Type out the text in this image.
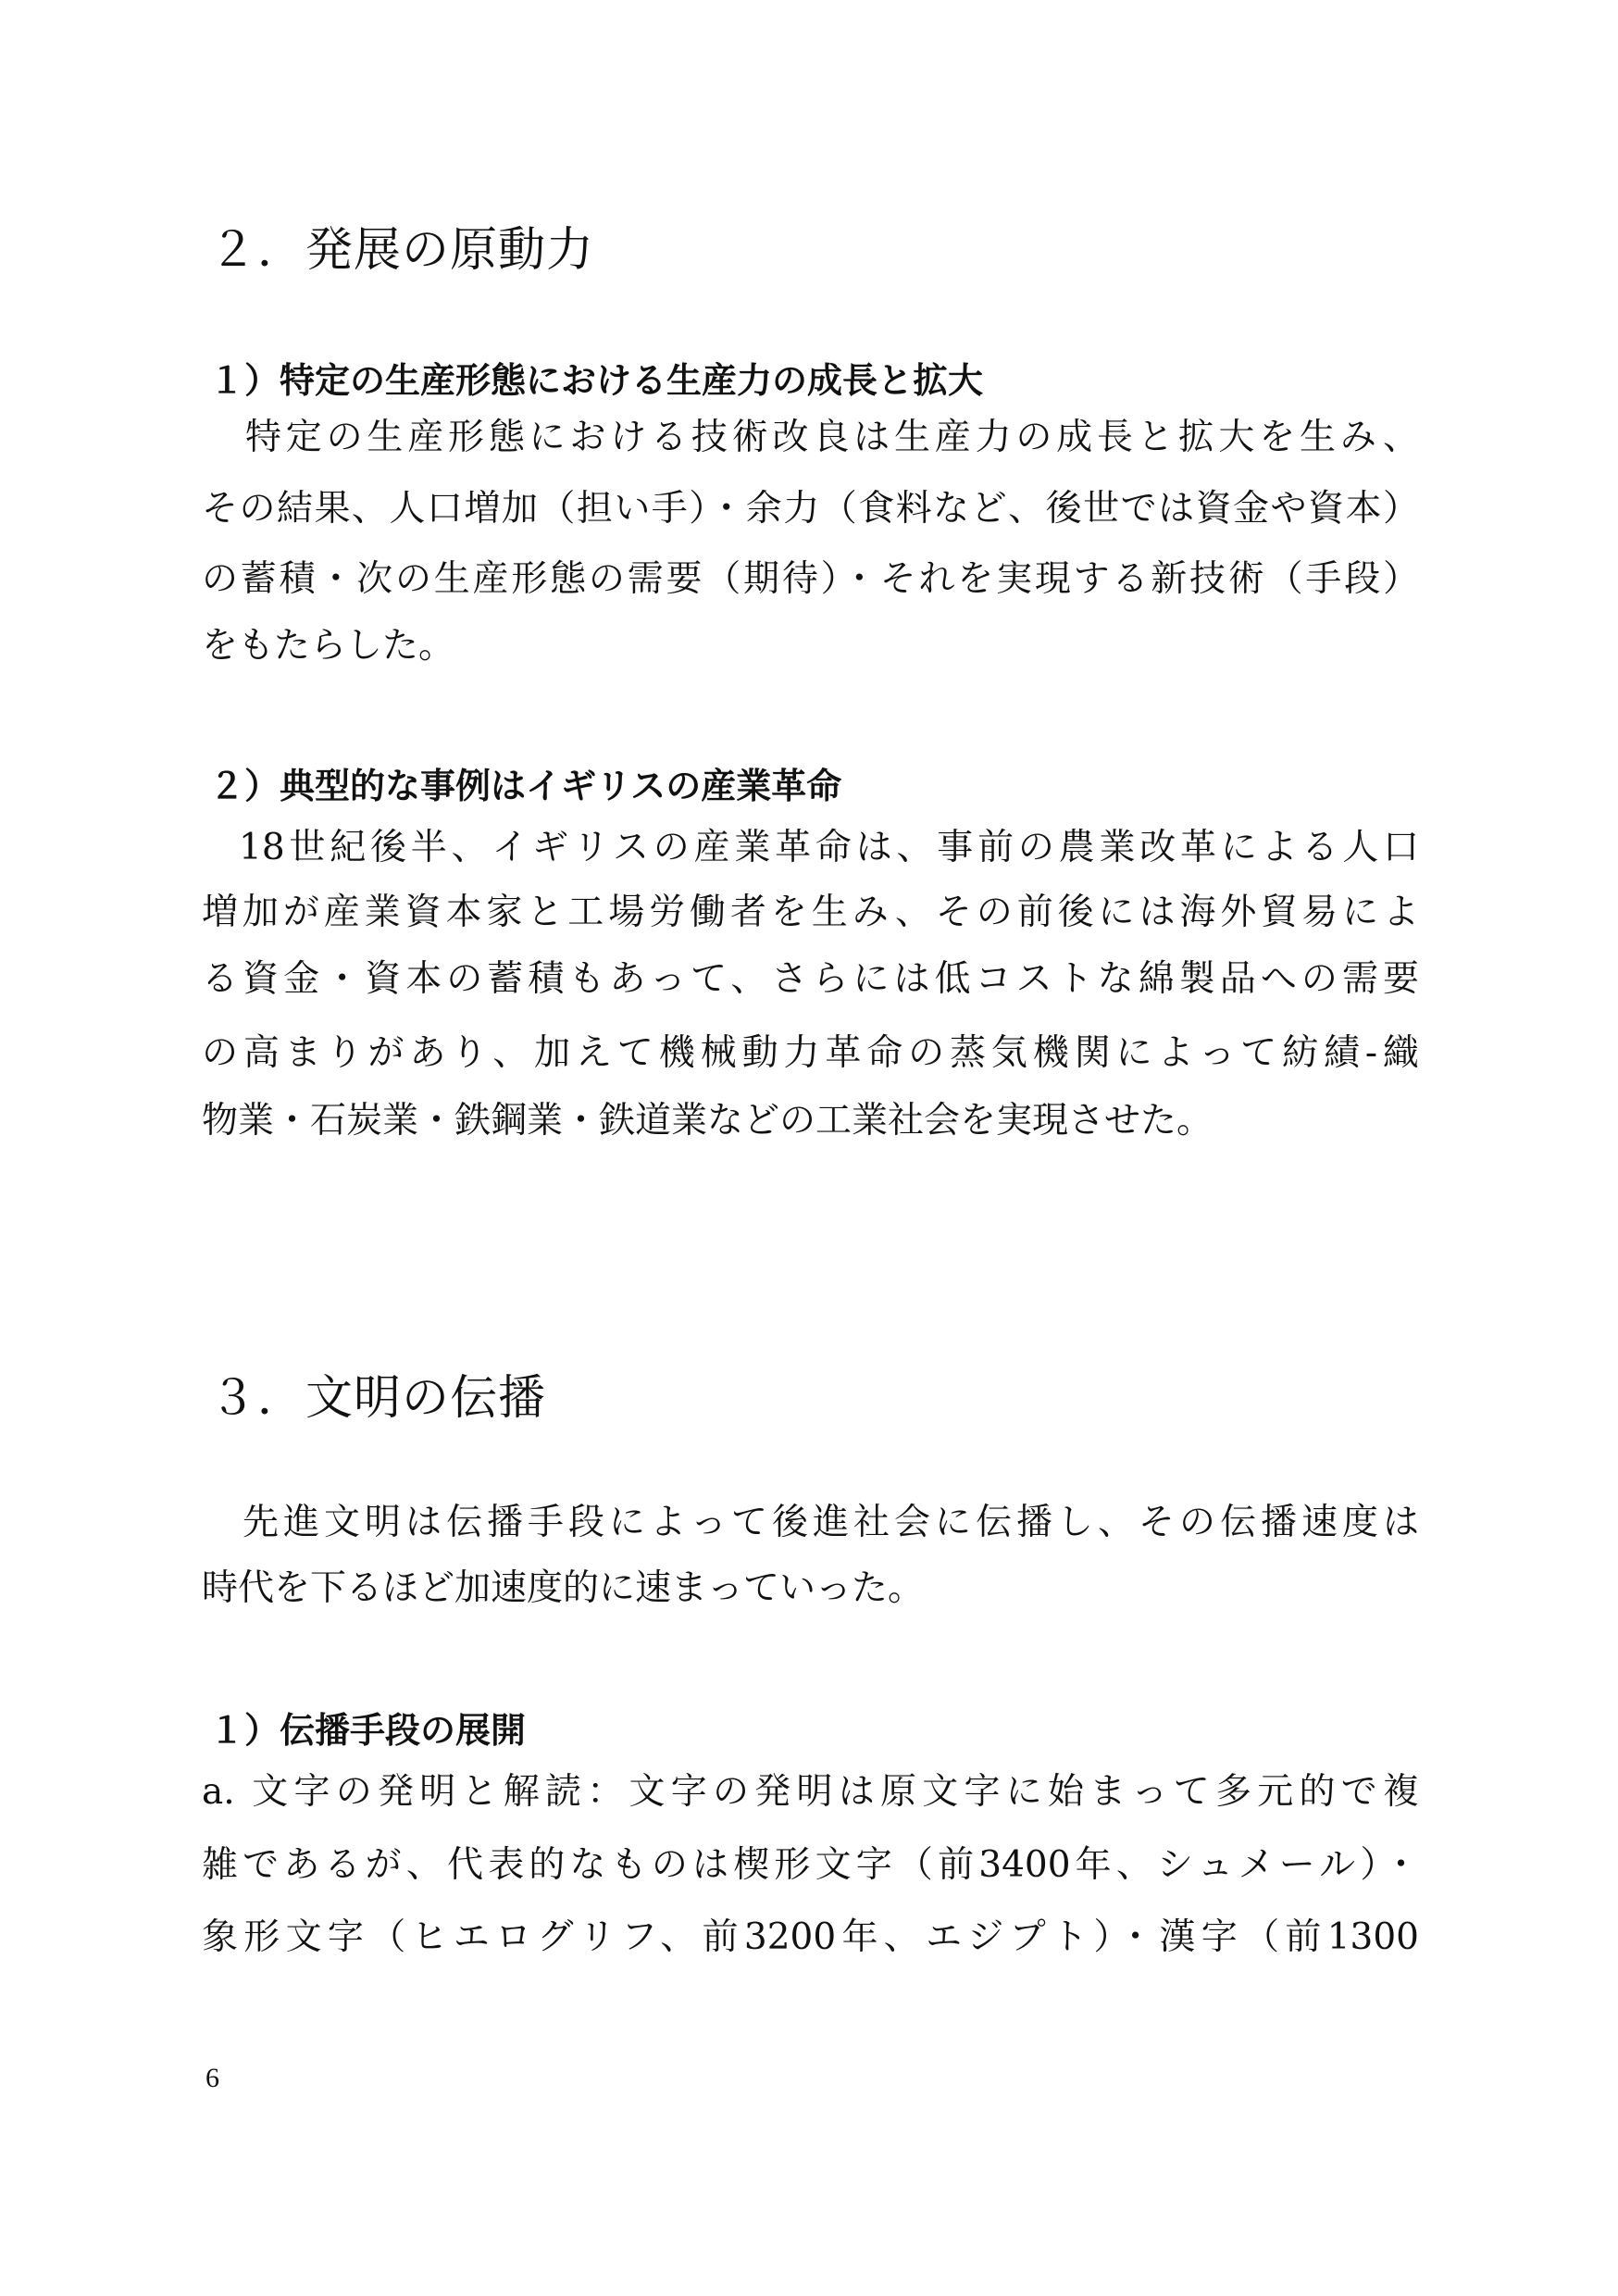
２．発展の原動力
１）特定の生産形態における生産力の成長と拡大

特定の生産形態における技術改良は生産力の成長と拡大を生み、

その結果、人口増加（担い手）・余力（食料など、後世では資金や資本）

の蓄積・次の生産形態の需要（期待）・それを実現する新技術（手段）

をもたらした。

２）典型的な事例はイギリスの産業革命

18世紀後半、イギリスの産業革命は、事前の農業改革による人口

増加が産業資本家と工場労働者を生み、その前後には海外貿易によ

る資金・資本の蓄積もあって、さらには低コストな綿製品への需要

の高まりがあり、加えて機械動力革命の蒸気機関によって紡績-織

物業・石炭業・鉄鋼業・鉄道業などの工業社会を実現させた。

３．文明の伝播

先進文明は伝播手段によって後進社会に伝播し、その伝播速度は

時代を下るほど加速度的に速まっていった。

１）伝播手段の展開

a. 文字の発明と解読：文字の発明は原文字に始まって多元的で複

雑であるが、代表的なものは楔形文字（前3400年、シュメール）・

象形文字（ヒエログリフ、前3200年、エジプト）・漢字（前1300

6
